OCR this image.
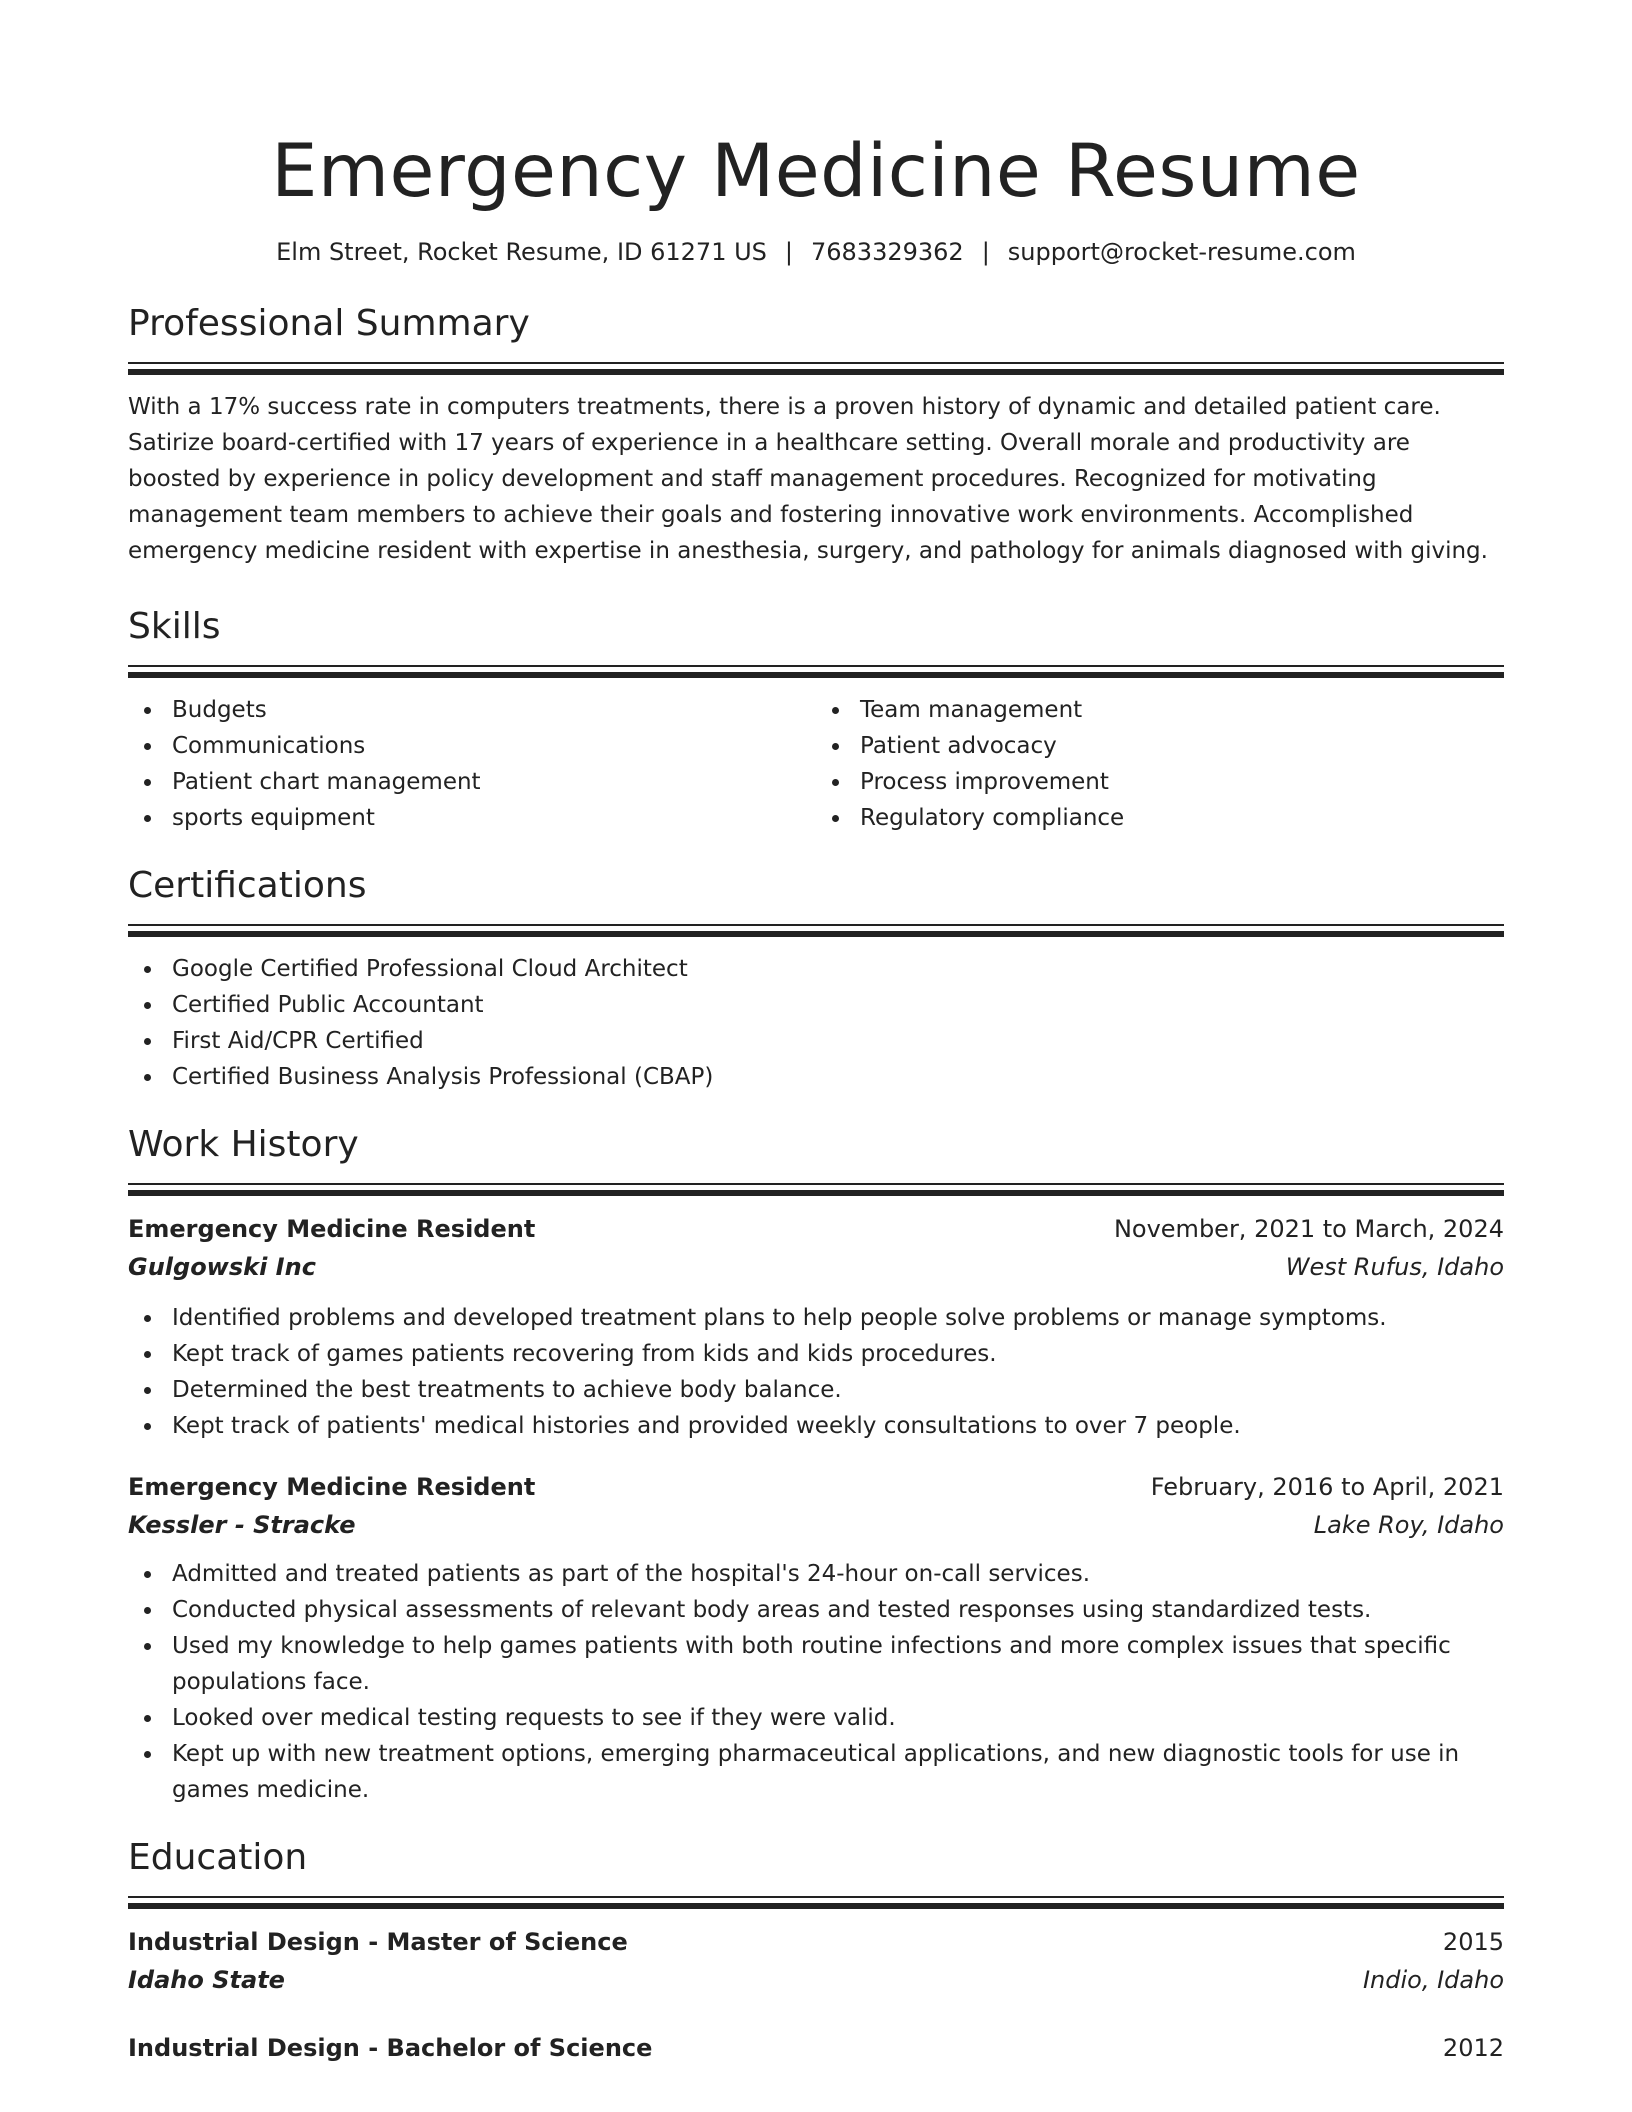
Emergency Medicine Resume
Elm Street, Rocket Resume, ID 61271 US | 7683329362 | support@rocket-resume.com
Professional Summary

With a 17% success rate in computers treatments, there is a proven history of dynamic and detailed patient care. Satirize board-certified with 17 years of experience in a healthcare setting. Overall morale and productivity are boosted by experience in policy development and staff management procedures. Recognized for motivating management team members to achieve their goals and fostering innovative work environments. Accomplished emergency medicine resident with expertise in anesthesia, surgery, and pathology for animals diagnosed with giving.

Skills
Budgets
Communications
Patient chart management
sports equipment
Team management
Patient advocacy
Process improvement
Regulatory compliance
Certifications
Google Certified Professional Cloud Architect
Certified Public Accountant
First Aid/CPR Certified
Certified Business Analysis Professional (CBAP)
Work History
Emergency Medicine Resident	November, 2021 to March, 2024
Gulgowski Inc	West Rufus, Idaho
Identified problems and developed treatment plans to help people solve problems or manage symptoms.
Kept track of games patients recovering from kids and kids procedures.
Determined the best treatments to achieve body balance.
Kept track of patients' medical histories and provided weekly consultations to over 7 people.
Emergency Medicine Resident	February, 2016 to April, 2021
Kessler - Stracke	Lake Roy, Idaho
Admitted and treated patients as part of the hospital's 24-hour on-call services.
Conducted physical assessments of relevant body areas and tested responses using standardized tests.
Used my knowledge to help games patients with both routine infections and more complex issues that specific populations face.
Looked over medical testing requests to see if they were valid.
Kept up with new treatment options, emerging pharmaceutical applications, and new diagnostic tools for use in games medicine.
Education
Industrial Design - Master of Science	2015
Idaho State	Indio, Idaho
Industrial Design - Bachelor of Science	2012
